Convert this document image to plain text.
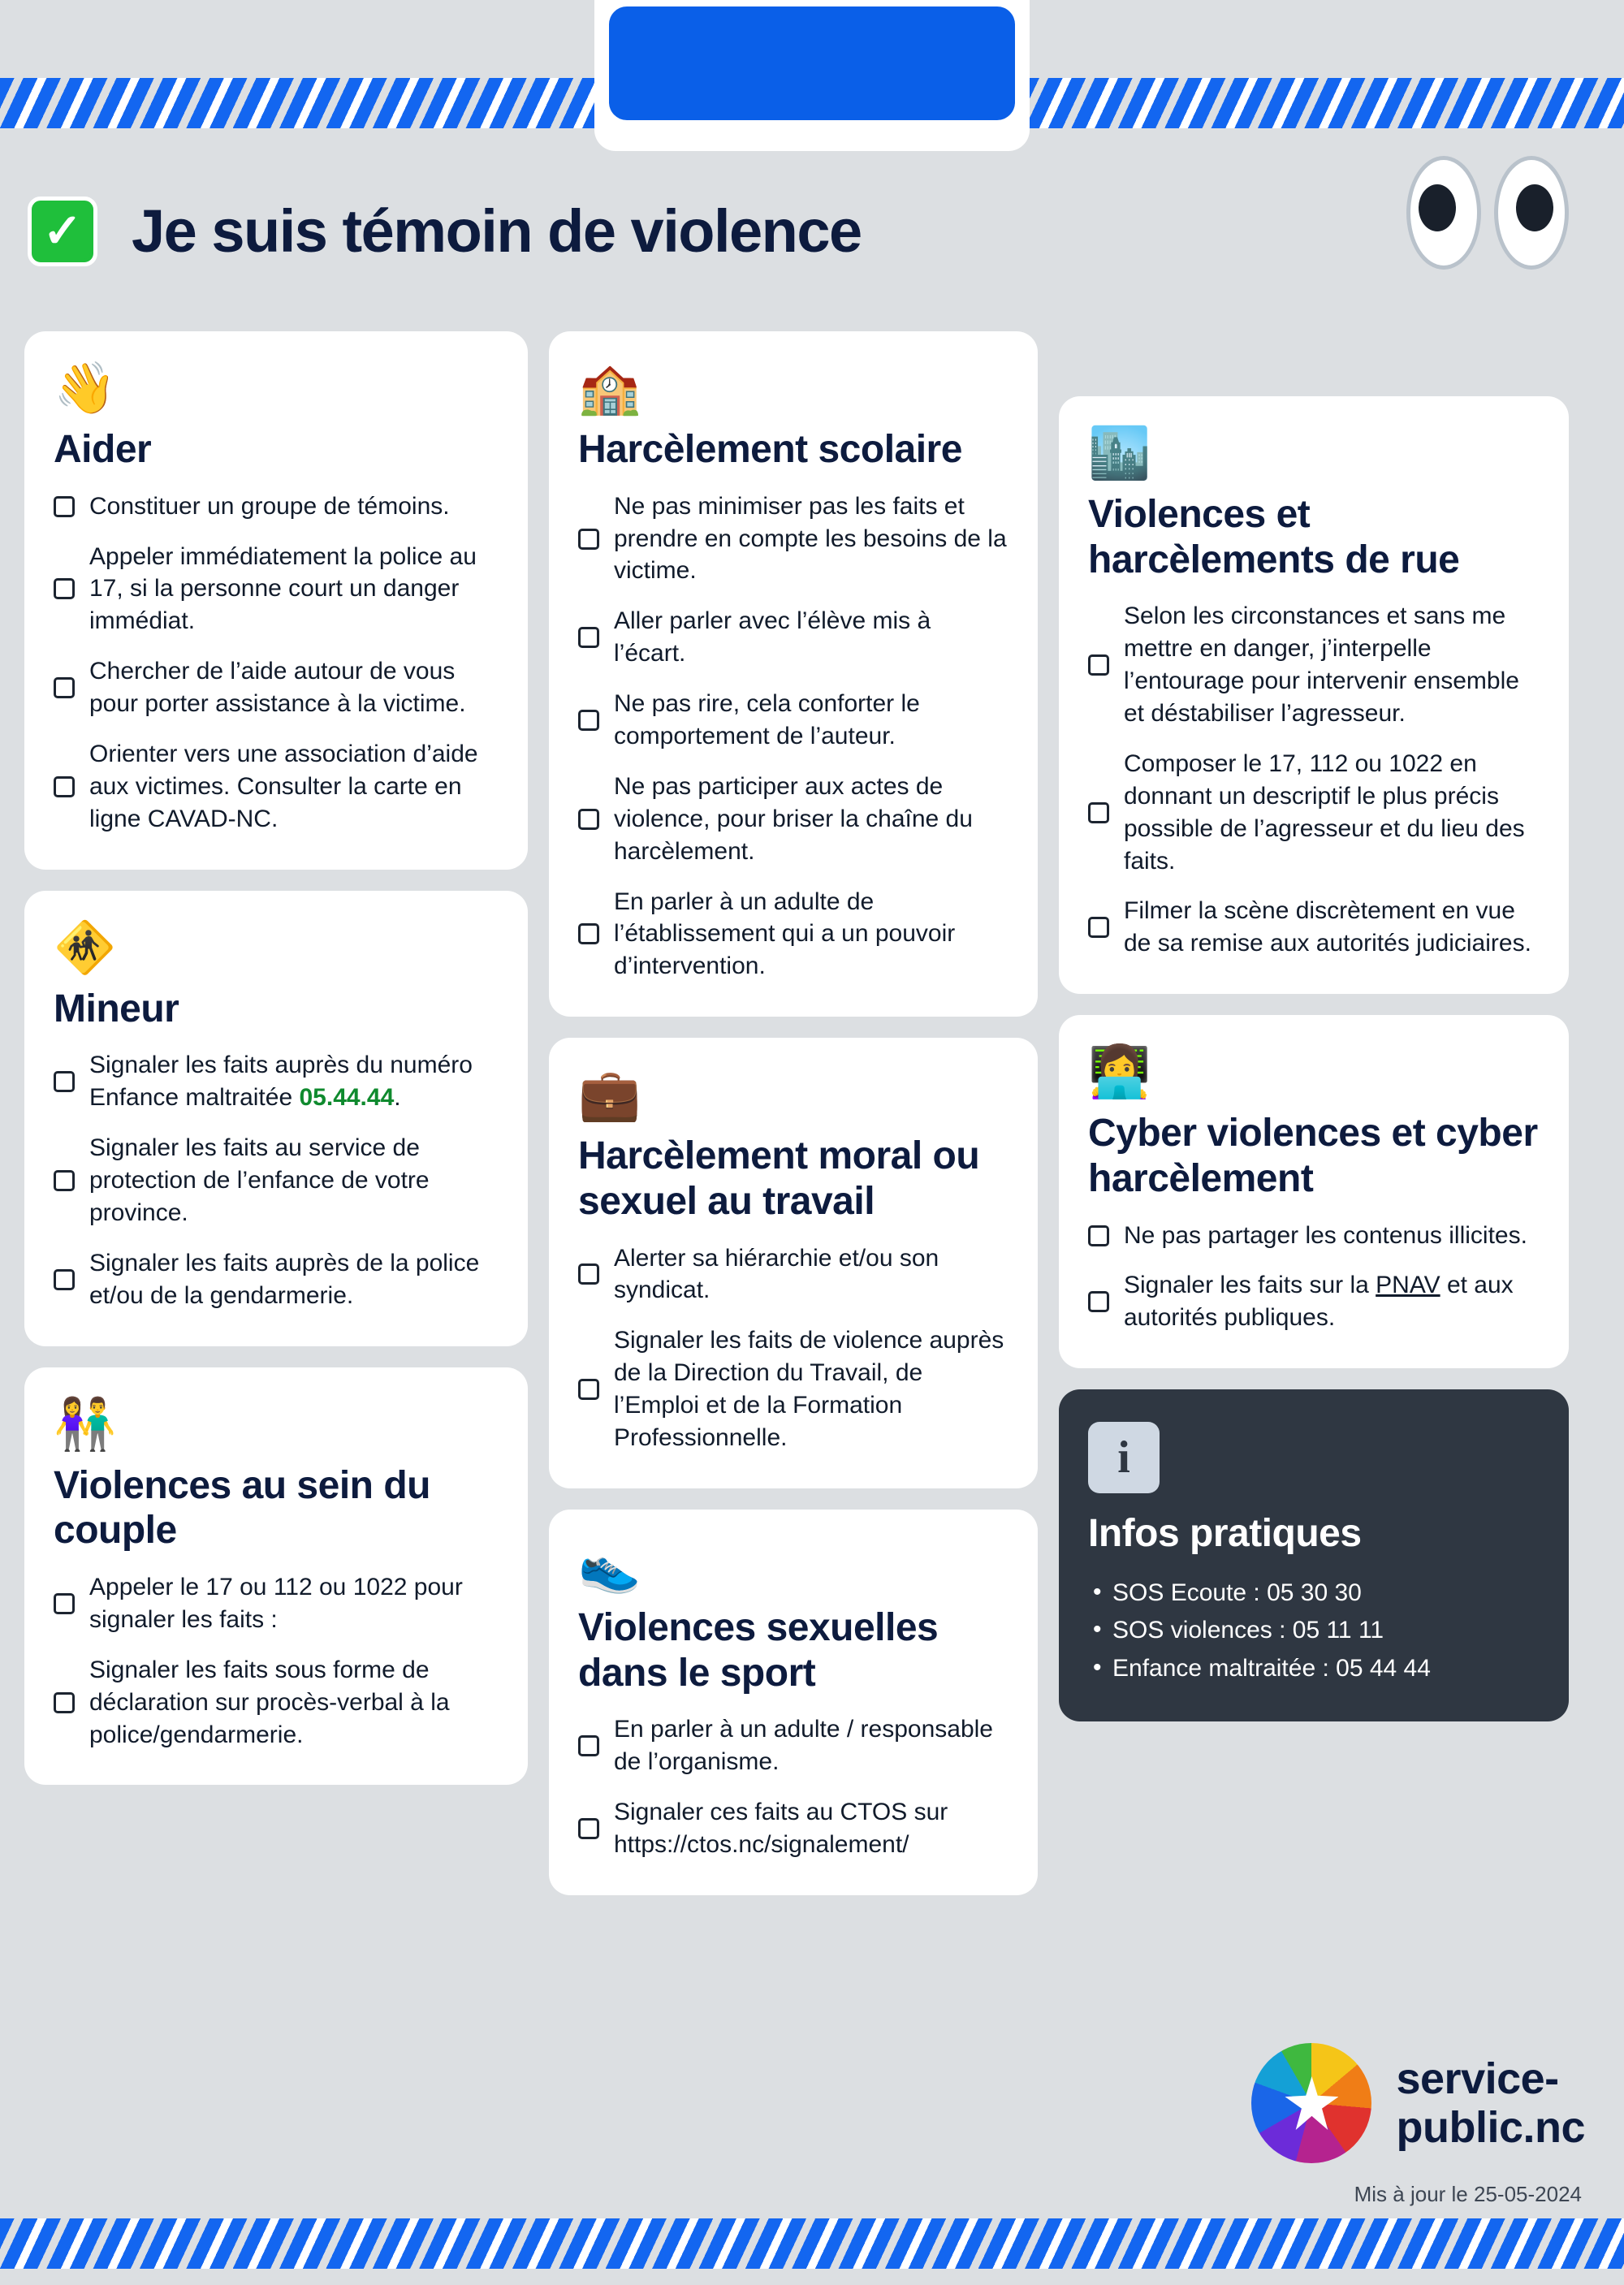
✓ Je suis témoin de violence
👋
Aider
Constituer un groupe de témoins.
Appeler immédiatement la police au 17, si la personne court un danger immédiat.
Chercher de l’aide autour de vous pour porter assistance à la victime.
Orienter vers une association d’aide aux victimes. Consulter la carte en ligne CAVAD-NC.
🚸
Mineur
Signaler les faits auprès du numéro Enfance maltraitée 05.44.44.
Signaler les faits au service de protection de l’enfance de votre province.
Signaler les faits auprès de la police et/ou de la gendarmerie.
👫
Violences au sein du couple
Appeler le 17 ou 112 ou 1022 pour signaler les faits :
Signaler les faits sous forme de déclaration sur procès-verbal à la police/gendarmerie.
🏫
Harcèlement scolaire
Ne pas minimiser pas les faits et prendre en compte les besoins de la victime.
Aller parler avec l’élève mis à l’écart.
Ne pas rire, cela conforter le comportement de l’auteur.
Ne pas participer aux actes de violence, pour briser la chaîne du harcèlement.
En parler à un adulte de l’établissement qui a un pouvoir d’intervention.
💼
Harcèlement moral ou sexuel au travail
Alerter sa hiérarchie et/ou son syndicat.
Signaler les faits de violence auprès de la Direction du Travail, de l’Emploi et de la Formation Professionnelle.
👟
Violences sexuelles dans le sport
En parler à un adulte / responsable de l’organisme.
Signaler ces faits au CTOS sur https://ctos.nc/signalement/
🏙️
Violences et harcèlements de rue
Selon les circonstances et sans me mettre en danger, j’interpelle l’entourage pour intervenir ensemble et déstabiliser l’agresseur.
Composer le 17, 112 ou 1022 en donnant un descriptif le plus précis possible de l’agresseur et du lieu des faits.
Filmer la scène discrètement en vue de sa remise aux autorités judiciaires.
👩‍💻
Cyber violences et cyber harcèlement
Ne pas partager les contenus illicites.
Signaler les faits sur la PNAV et aux autorités publiques.
i
Infos pratiques
• SOS Ecoute : 05 30 30
• SOS violences : 05 11 11
• Enfance maltraitée : 05 44 44
service-
public.nc
Mis à jour le 25-05-2024
